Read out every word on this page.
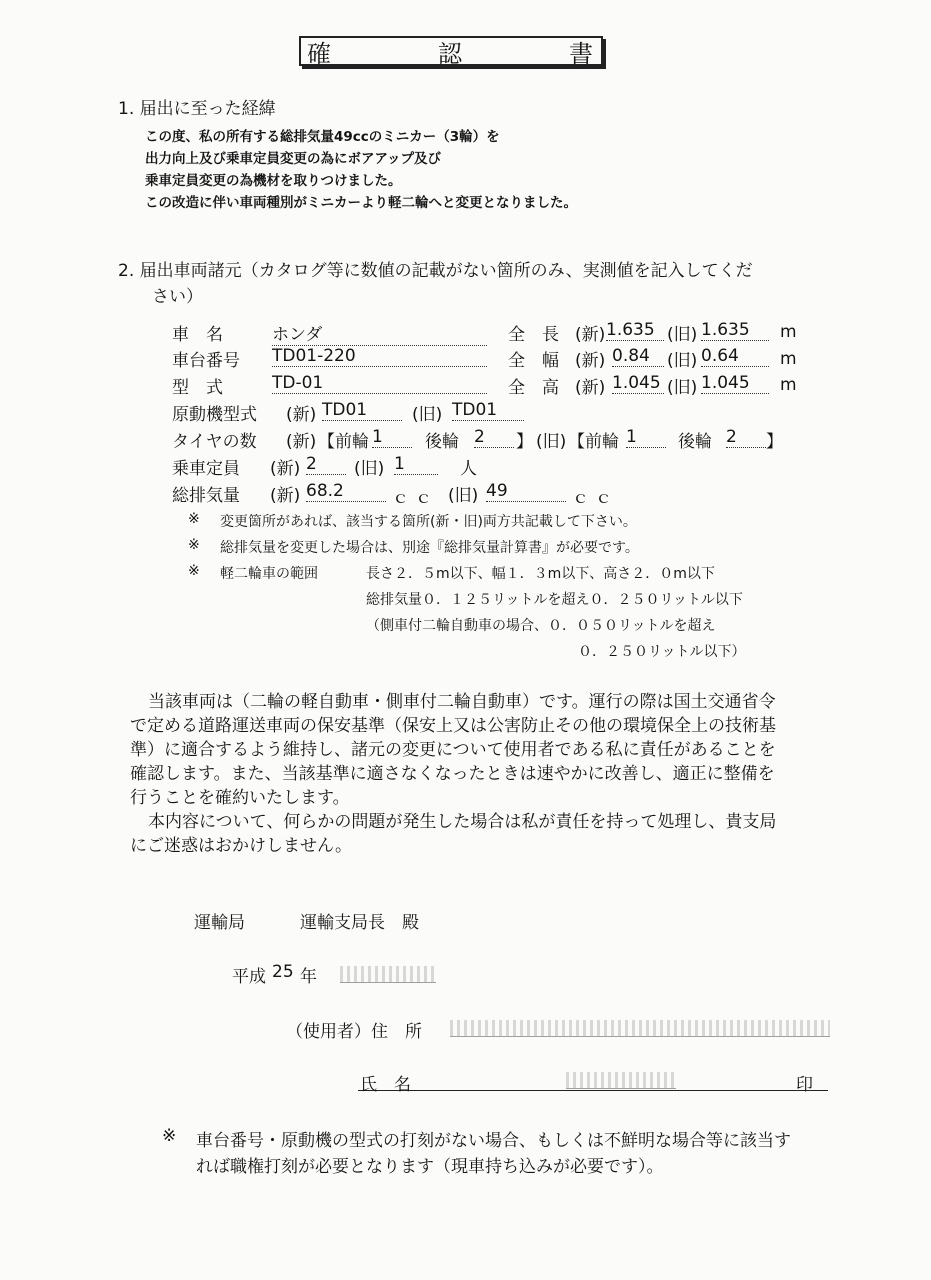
確	認	書
1. 届出に至った経緯
この度、私の所有する総排気量49ccのミニカー（3輪）を
出力向上及び乗車定員変更の為にボアアップ及び
乗車定員変更の為機材を取りつけました。
この改造に伴い車両種別がミニカーより軽二輪へと変更となりました。
2. 届出車両諸元（カタログ等に数値の記載がない箇所のみ、実測値を記入してくだ
さい）
車　名	ホンダ
車台番号 TD01-220
型　式	TD-01
全　長 (新) 1.635 (旧) 1.635	m
全　幅 (新) 0.84	(旧) 0.64	m
全　高 (新) 1.045 (旧) 1.045	m
原動機型式 (新) TD01	(旧) TD01
タイヤの数 (新) 【前輪 1	後輪 2	】 (旧) 【前輪 1	後輪 2	】
乗車定員 (新) 2	(旧) 1	人
総排気量 (新) 68.2	ｃｃ (旧) 49	ｃｃ
※ 変更箇所があれば、該当する箇所(新・旧)両方共記載して下さい。
※ 総排気量を変更した場合は、別途『総排気量計算書』が必要です。
※ 軽二輪車の範囲	長さ２．５m以下、幅１．３m以下、高さ２．０m以下
総排気量０．１２５リットルを超え０．２５０リットル以下
（側車付二輪自動車の場合、０．０５０リットルを超え
０．２５０リットル以下）
当該車両は（二輪の軽自動車・側車付二輪自動車）です。運行の際は国土交通省令
で定める道路運送車両の保安基準（保安上又は公害防止その他の環境保全上の技術基
準）に適合するよう維持し、諸元の変更について使用者である私に責任があることを
確認します。また、当該基準に適さなくなったときは速やかに改善し、適正に整備を
行うことを確約いたします。
本内容について、何らかの問題が発生した場合は私が責任を持って処理し、貴支局
にご迷惑はおかけしません。
運輸局	運輸支局長　殿
平成 25 年
（使用者）住　所
氏　名	印
※ 車台番号・原動機の型式の打刻がない場合、もしくは不鮮明な場合等に該当す
れば職権打刻が必要となります（現車持ち込みが必要です）。
